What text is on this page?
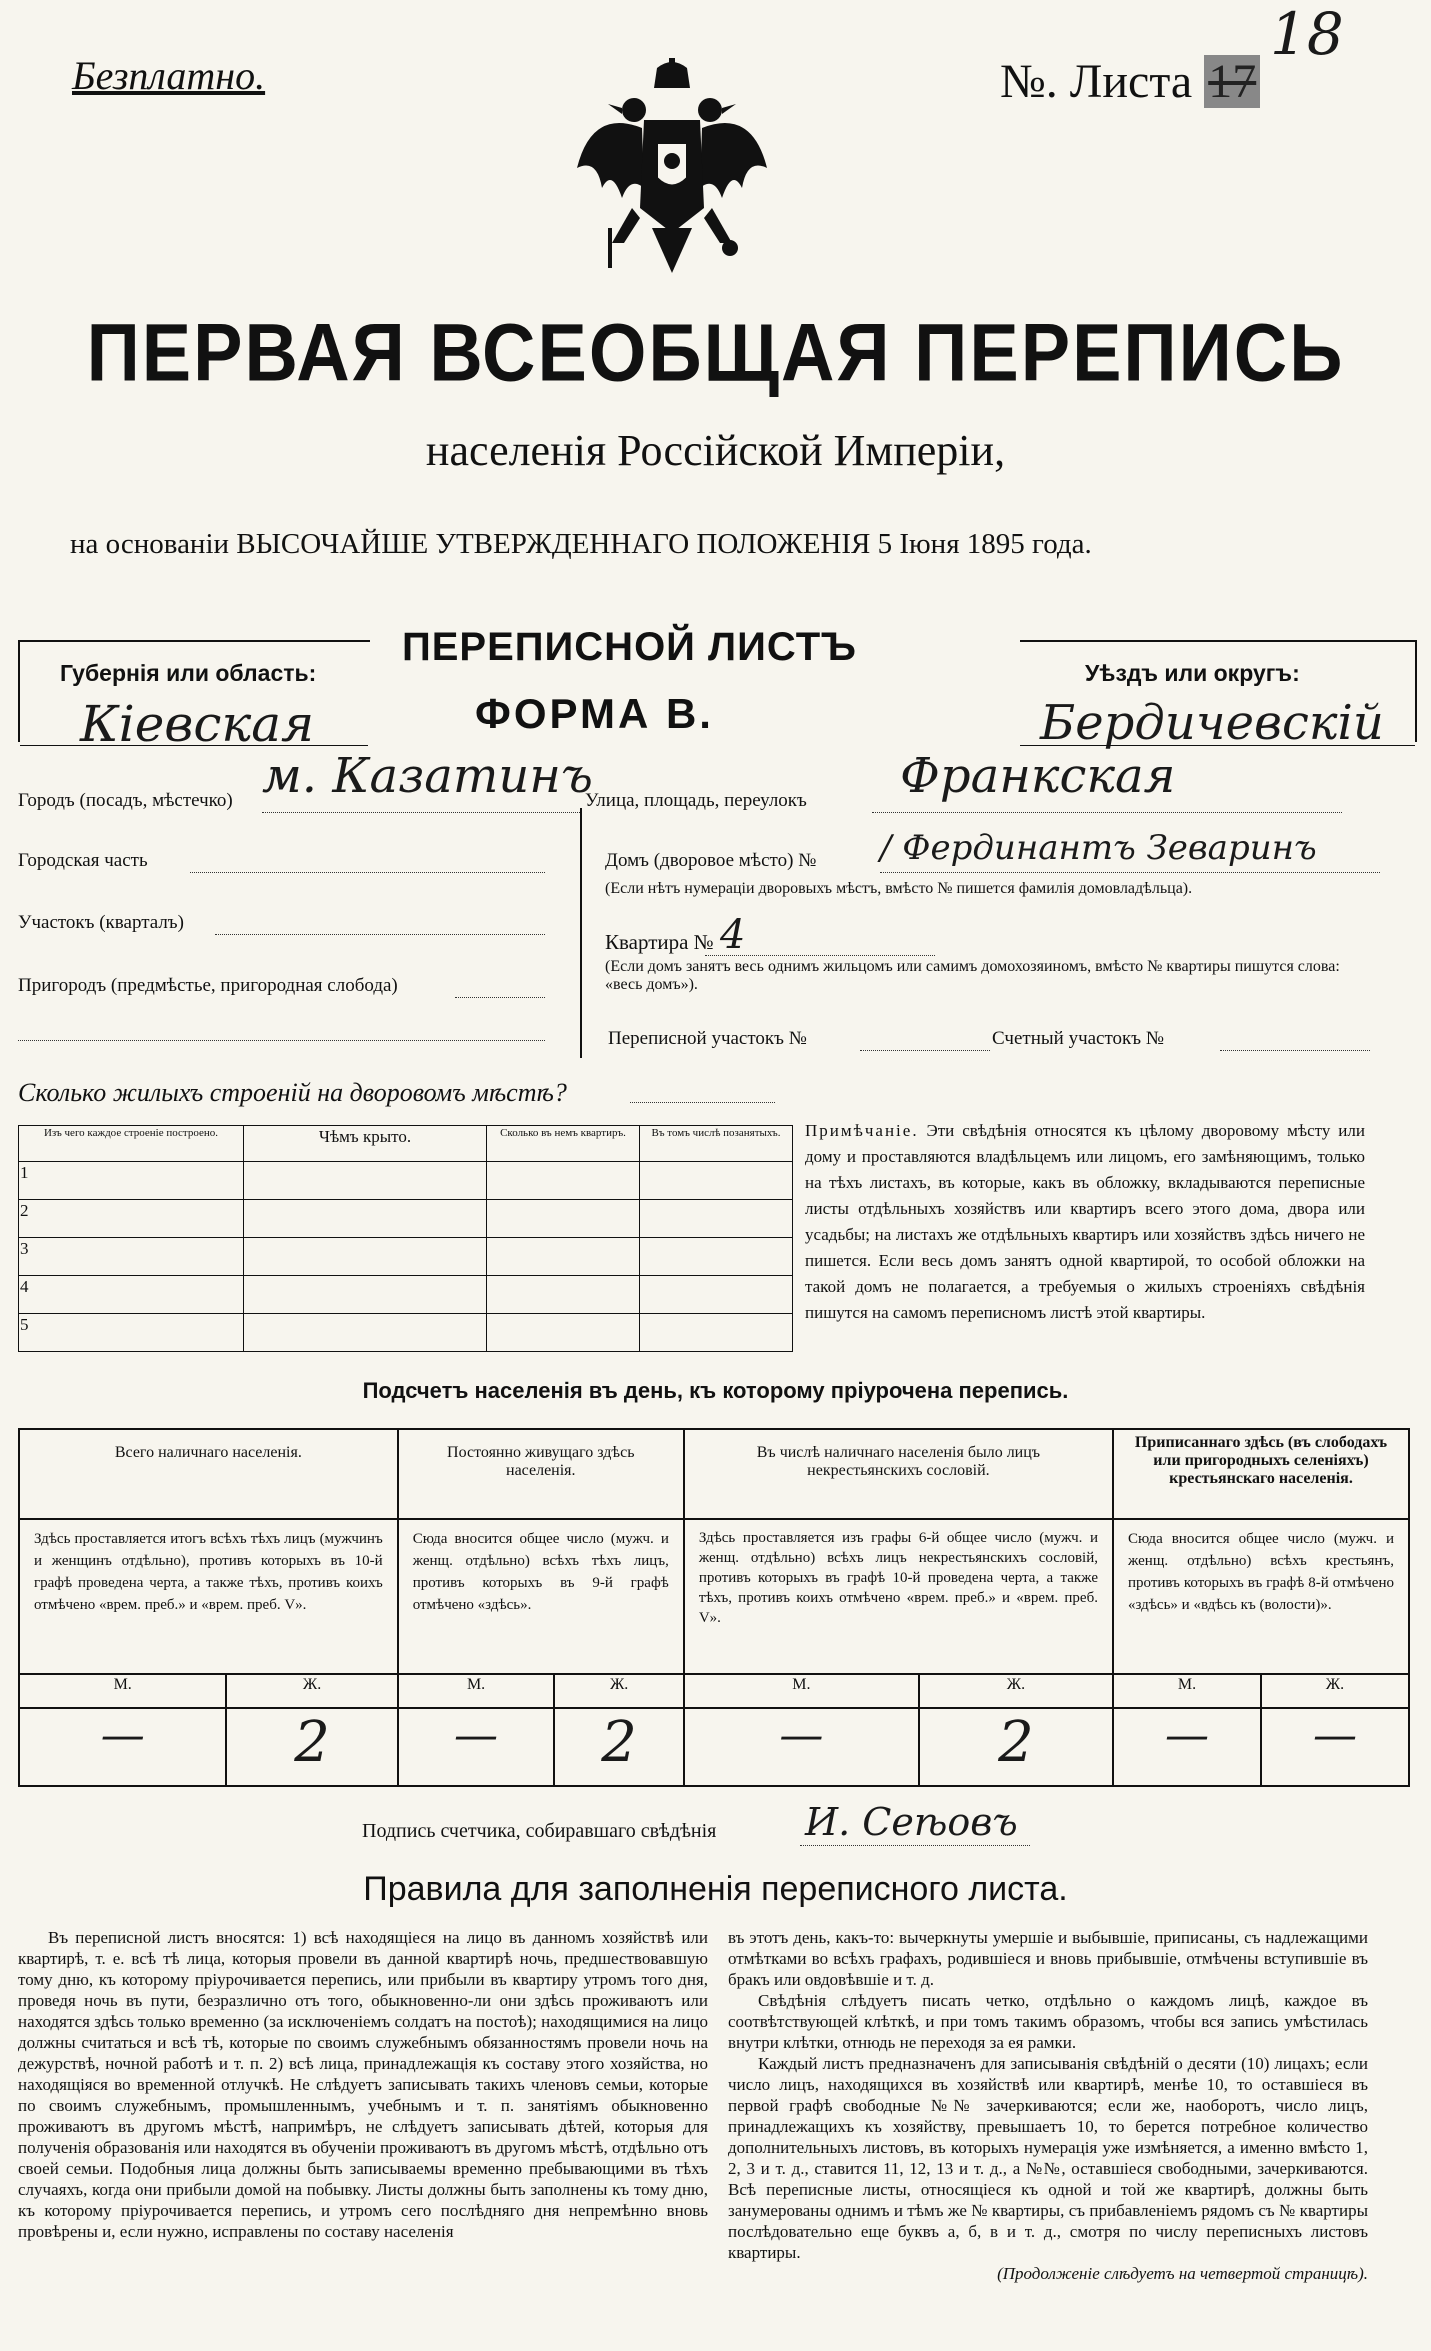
Безплатно.	№. Листа 17
18
ПЕРВАЯ ВСЕОБЩАЯ ПЕРЕПИСЬ
населенія Россійской Имперіи,
на основаніи ВЫСОЧАЙШЕ УТВЕРЖДЕННАГО ПОЛОЖЕНІЯ 5 Іюня 1895 года.
Губернія или область:
Кіевская
ПЕРЕПИСНОЙ ЛИСТЪ
ФОРМА В.
Уѣздъ или округъ:
Бердичевскій
Городъ (посадъ, мѣстечко) м. Казатинъ
Городская часть
Участокъ (кварталъ)
Пригородъ (предмѣстье, пригородная слобода)
Улица, площадь, переулокъ Франкская
Домъ (дворовое мѣсто) № / Фердинантъ Зеваринъ
(Если нѣтъ нумераціи дворовыхъ мѣстъ, вмѣсто № пишется фамилія домовладѣльца).
Квартира № 4
(Если домъ занятъ весь однимъ жильцомъ или самимъ домохозяиномъ, вмѣсто № квартиры пишутся слова: «весь домъ»).
Переписной участокъ №	Счетный участокъ №
Сколько жилыхъ строеній на дворовомъ мѣстѣ?
Изъ чего каждое строеніе построено.	Чѣмъ крыто.	Сколько въ немъ квартиръ.	Въ томъ числѣ позанятыхъ.
1			
2			
3			
4			
5			
Примѣчаніе. Эти свѣдѣнія относятся къ цѣлому дворовому мѣсту или дому и проставляются владѣльцемъ или лицомъ, его замѣняющимъ, только на тѣхъ листахъ, въ которые, какъ въ обложку, вкладываются переписные листы отдѣльныхъ хозяйствъ или квартиръ всего этого дома, двора или усадьбы; на листахъ же отдѣльныхъ квартиръ или хозяйствъ здѣсь ничего не пишется. Если весь домъ занятъ одной квартирой, то особой обложки на такой домъ не полагается, а требуемыя о жилыхъ строеніяхъ свѣдѣнія пишутся на самомъ переписномъ листѣ этой квартиры.
Подсчетъ населенія въ день, къ которому пріурочена перепись.
Всего наличнаго населенія.		Постоянно живущаго здѣсь населенія.		Въ числѣ наличнаго населенія было лицъ некрестьянскихъ сословій.		Приписаннаго здѣсь (въ слободахъ или пригородныхъ селеніяхъ) крестьянскаго населенія.	
Здѣсь проставляется итогъ всѣхъ тѣхъ лицъ (мужчинъ и женщинъ отдѣльно), противъ которыхъ въ 10-й графѣ проведена черта, а также тѣхъ, противъ коихъ отмѣчено «врем. преб.» и «врем. преб. V».		Сюда вносится общее число (мужч. и женщ. отдѣльно) всѣхъ тѣхъ лицъ, противъ которыхъ въ 9-й графѣ отмѣчено «здѣсь».		Здѣсь проставляется изъ графы 6-й общее число (мужч. и женщ. отдѣльно) всѣхъ лицъ некрестьянскихъ сословій, противъ которыхъ въ графѣ 10-й проведена черта, а также тѣхъ, противъ коихъ отмѣчено «врем. преб.» и «врем. преб. V».		Сюда вносится общее число (мужч. и женщ. отдѣльно) всѣхъ крестьянъ, противъ которыхъ въ графѣ 8-й отмѣчено «здѣсь» и «вдѣсь къ (волости)».	
М.	Ж.	М.	Ж.	М.	Ж.	М.	Ж.
—	2	—	2	—	2	—	—
Подпись счетчика, собиравшаго свѣдѣнія И. Сеѣовъ
Правила для заполненія переписного листа.

Въ переписной листъ вносятся: 1) всѣ находящіеся на лицо въ данномъ хозяйствѣ или квартирѣ, т. е. всѣ тѣ лица, которыя провели въ данной квартирѣ ночь, предшествовавшую тому дню, къ которому пріурочивается перепись, или прибыли въ квартиру утромъ того дня, проведя ночь въ пути, безразлично отъ того, обыкновенно-ли они здѣсь проживаютъ или находятся здѣсь только временно (за исключеніемъ солдатъ на постоѣ); находящимися на лицо должны считаться и всѣ тѣ, которые по своимъ служебнымъ обязанностямъ провели ночь на дежурствѣ, ночной работѣ и т. п. 2) всѣ лица, принадлежащія къ составу этого хозяйства, но находящіяся во временной отлучкѣ. Не слѣдуетъ записывать такихъ членовъ семьи, которые по своимъ служебнымъ, промышленнымъ, учебнымъ и т. п. занятіямъ обыкновенно проживаютъ въ другомъ мѣстѣ, напримѣръ, не слѣдуетъ записывать дѣтей, которыя для полученія образованія или находятся въ обученіи проживаютъ въ другомъ мѣстѣ, отдѣльно отъ своей семьи. Подобныя лица должны быть записываемы временно пребывающими въ тѣхъ случаяхъ, когда они прибыли домой на побывку. Листы должны быть заполнены къ тому дню, къ которому пріурочивается перепись, и утромъ сего послѣдняго дня непремѣнно вновь провѣрены и, если нужно, исправлены по составу населенія

въ этотъ день, какъ-то: вычеркнуты умершіе и выбывшіе, приписаны, съ надлежащими отмѣтками во всѣхъ графахъ, родившіеся и вновь прибывшіе, отмѣчены вступившіе въ бракъ или овдовѣвшіе и т. д.

Свѣдѣнія слѣдуетъ писать четко, отдѣльно о каждомъ лицѣ, каждое въ соотвѣтствующей клѣткѣ, и при томъ такимъ образомъ, чтобы вся запись умѣстилась внутри клѣтки, отнюдь не переходя за ея рамки.

Каждый листъ предназначенъ для записыванія свѣдѣній о десяти (10) лицахъ; если число лицъ, находящихся въ хозяйствѣ или квартирѣ, менѣе 10, то оставшіеся въ первой графѣ свободные №№ зачеркиваются; если же, наоборотъ, число лицъ, принадлежащихъ къ хозяйству, превышаетъ 10, то берется потребное количество дополнительныхъ листовъ, въ которыхъ нумерація уже измѣняется, а именно вмѣсто 1, 2, 3 и т. д., ставится 11, 12, 13 и т. д., а №№, оставшіеся свободными, зачеркиваются. Всѣ переписные листы, относящіеся къ одной и той же квартирѣ, должны быть занумерованы однимъ и тѣмъ же № квартиры, съ прибавленіемъ рядомъ съ № квартиры послѣдовательно еще буквъ а, б, в и т. д., смотря по числу переписныхъ листовъ квартиры.

(Продолженіе слѣдуетъ на четвертой страницѣ).
